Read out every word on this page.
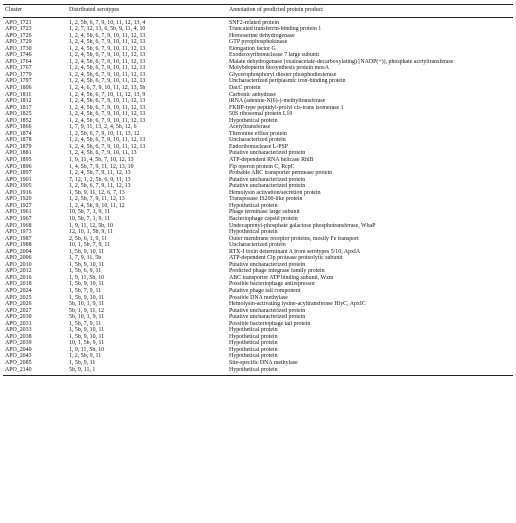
Cluster	Distributed serotypes	Annotation of predicted protein product
APO_1721	1, 2, 5b, 6, 7, 9, 10, 11, 12, 13, 4	SNF2-related protein
APO_1723	1, 2, 7, 12, 13, 6, 5b, 9, 11, 4, 10	Truncated transferrin-binding protein 1
APO_1726	1, 2, 4, 5b, 6, 7, 9, 10, 11, 12, 13	Homoserine dehydrogenase
APO_1729	1, 2, 4, 5b, 6, 7, 9, 10, 11, 12, 13	GTP pyrophosphokinase
APO_1730	1, 2, 4, 5b, 6, 7, 9, 10, 11, 12, 13	Elongation factor G
APO_1746	1, 2, 4, 5b, 6, 7, 9, 10, 11, 12, 13	Exodeoxyribonuclease 7 large subunit
APO_1764	1, 2, 4, 5b, 6, 7, 9, 10, 11, 12, 13	Malate dehydrogenase (oxaloacetate-decarboxylating) [NADP(+)], phosphate acetyltransferase
APO_1767	1, 2, 4, 5b, 6, 7, 9, 10, 11, 12, 13	Molybdopterin biosynthesis protein moeA
APO_1779	1, 2, 4, 5b, 6, 7, 9, 10, 11, 12, 13	Glycerophosphoryl diester phosphodiesterase
APO_1797	1, 2, 4, 5b, 6, 7, 9, 10, 11, 12, 13	Uncharacterized periplasmic iron-binding protein
APO_1806	1, 2, 4, 6, 7, 9, 10, 11, 12, 13, 5b	DacC protein
APO_1811	1, 2, 4, 5b, 6, 7, 10, 11, 12, 13, 9	Carbonic anhydrase
APO_1812	1, 2, 4, 5b, 6, 7, 9, 10, 11, 12, 13	tRNA (adenine-N(6)-)-methyltransferase
APO_1817	1, 2, 4, 5b, 6, 7, 9, 10, 11, 12, 13	FKBP-type peptidyl-prolyl cis-trans isomerase 1
APO_1825	1, 2, 4, 5b, 6, 7, 9, 10, 11, 12, 13	50S ribosomal protein L10
APO_1852	1, 2, 4, 5b, 6, 7, 9, 10, 11, 12, 13	Hypothetical protein
APO_1866	1, 7, 9, 11, 13, 2, 4, 5b, 12, 6	Acetyltransferase
APO_1874	1, 2, 5b, 6, 7, 9, 10, 11, 13, 12	Threonine efflux protein
APO_1878	1, 2, 4, 5b, 6, 7, 9, 10, 11, 12, 13	Uncharacterized protein
APO_1879	1, 2, 4, 5b, 6, 7, 9, 10, 11, 12, 13	Endoribonuclease L-PSP
APO_1881	1, 2, 4, 5b, 6, 7, 9, 10, 11, 13	Putative uncharacterized protein
APO_1895	1, 9, 11, 4, 5b, 7, 10, 12, 13	ATP-dependent RNA helicase RhlB
APO_1896	1, 4, 5b, 7, 9, 11, 12, 13, 10	Flp operon protein C, RcpC
APO_1897	1, 2, 4, 5b, 7, 9, 11, 12, 13	Probable ABC transporter permease protein
APO_1901	7, 12, 1, 2, 5b, 6, 9, 11, 13	Putative uncharacterized protein
APO_1905	1, 2, 5b, 6, 7, 9, 11, 12, 13	Putative uncharacterized protein
APO_1916	1, 5b, 9, 11, 12, 6, 7, 13	Hemolysin activation/secretion protein
APO_1920	1, 2, 5b, 7, 9, 11, 12, 13	Transposase IS200-like protein
APO_1927	1, 2, 4, 5b, 9, 10, 11, 12	Hypothetical protein
APO_1961	10, 5b, 7, 1, 9, 11	Phage terminase large subunit
APO_1967	10, 5b, 7, 1, 9, 11	Bacteriophage capsid protein
APO_1968	1, 9, 11, 12, 5b, 10	Undecaprenyl-phosphate galactose phosphotransferase, WbaP
APO_1973	12, 10, 1, 5b, 9, 11	Hypothetical protein
APO_1987	2, 5b, 6, 1, 9, 11	Outer membrane receptor proteins, mostly Fe transport
APO_1988	10, 1, 5b, 7, 9, 11	Uncharacterized protein
APO_2004	1, 5b, 9, 10, 11	RTX-I toxin determinant A from serotypes 5/10, ApxIA
APO_2006	1, 7, 9, 11, 5b	ATP-dependent Clp protease proteolytic subunit
APO_2010	1, 5b, 9, 10, 11	Putative uncharacterized protein
APO_2012	1, 5b, 6, 9, 11	Predicted phage integrase family protein
APO_2016	1, 9, 11, 5b, 10	ABC transporter ATP binding subunit, Wzm
APO_2018	1, 5b, 9, 10, 11	Possible bacteriophage antirepressor
APO_2024	1, 5b, 7, 9, 11	Putative phage tail component
APO_2025	1, 5b, 9, 10, 11	Possible DNA methylase
APO_2026	5b, 10, 1, 9, 11	Hemolysin-activating lysine-acyltransferase HlyC, ApxIC
APO_2027	5b, 1, 9, 11, 12	Putative uncharacterized protein
APO_2030	5b, 10, 1, 9, 11	Putative uncharacterized protein
APO_2031	1, 5b, 7, 9, 11	Possible bacteriophage tail protein
APO_2033	1, 5b, 9, 10, 11	Hypothetical protein
APO_2038	1, 5b, 9, 10, 11	Hypothetical protein
APO_2039	10, 1, 5b, 9, 11	Hypothetical protein
APO_2040	1, 9, 11, 5b, 10	Hypothetical protein
APO_2043	1, 2, 5b, 9, 11	Hypothetical protein
APO_2085	1, 5b, 9, 11	Site-specific DNA methylase
APO_2140	5b, 9, 11, 1	Hypothetical protein
